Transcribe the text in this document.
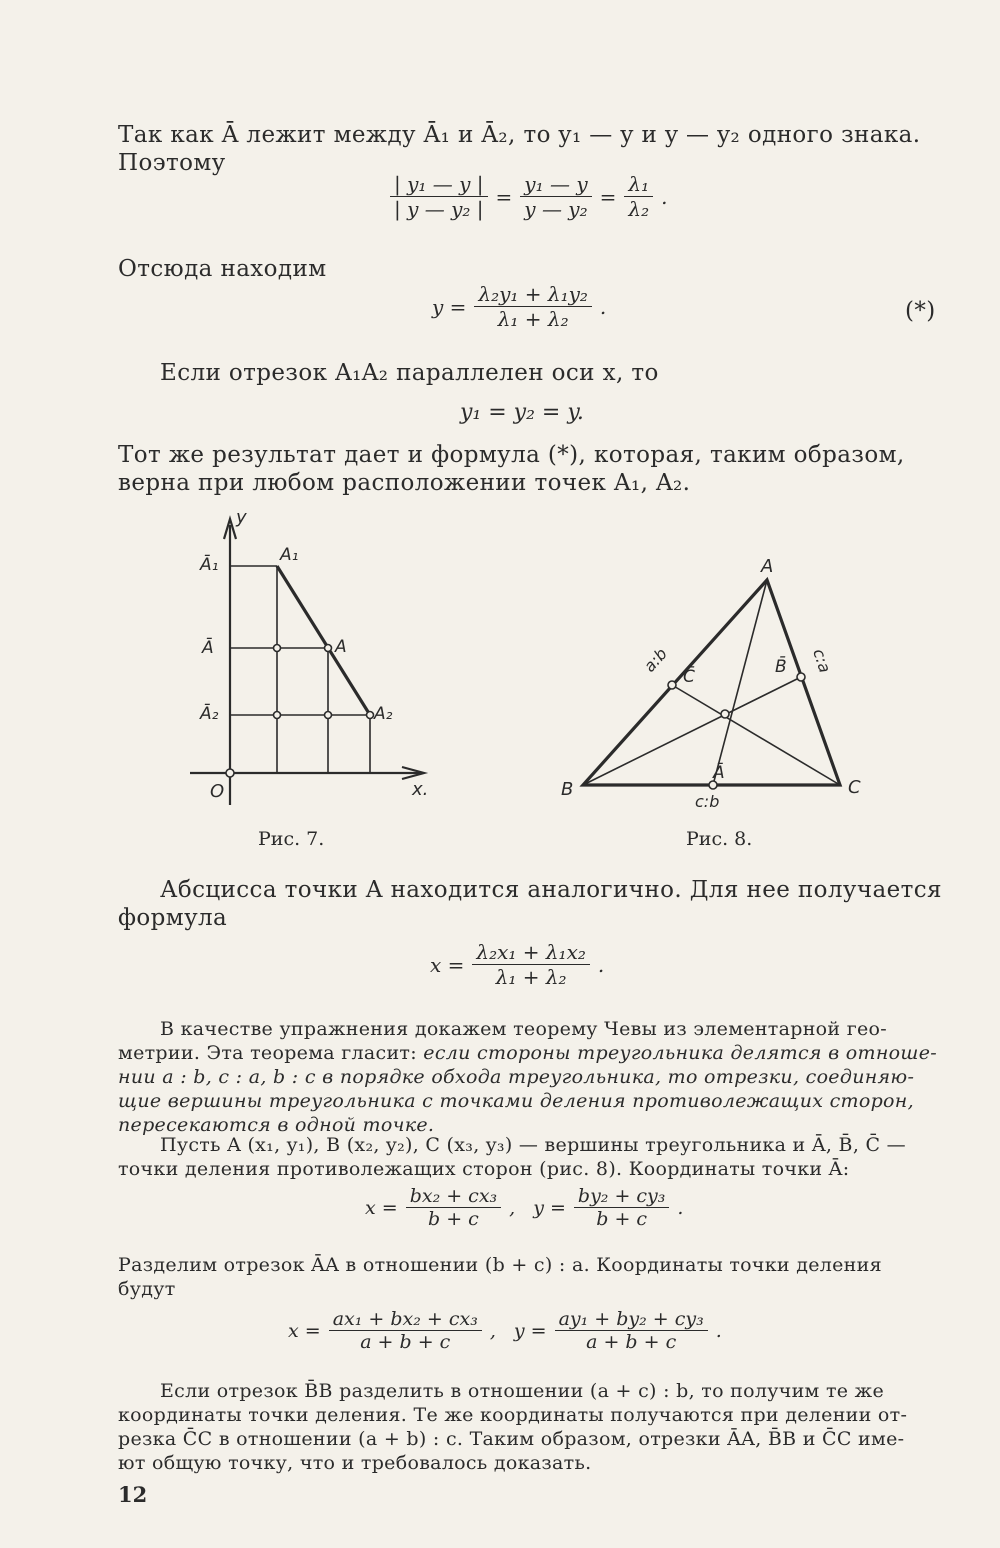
Так как Ā лежит между Ā₁ и Ā₂, то y₁ — y и y — y₂ одного знака.
Поэтому
$\frac{\text{| y₁ — y |}}{\text{| y — y₂ |}} = \frac{\text{y₁ — y}}{\text{y — y₂}} = \frac{\text{λ₁}}{\text{λ₂}}$ .
Отсюда находим
$y = \frac{\text{λ₂y₁ + λ₁y₂}}{\text{λ₁ + λ₂}}$ .	(*)
Если отрезок A₁A₂ параллелен оси x, то
y₁ = y₂ = y.
Тот же результат дает и формула (*), которая, таким образом,
верна при любом расположении точек A₁, A₂.
y
x.
O
A₁
A
A₂
Ā₁
Ā
Ā₂
Рис. 7.
A
B	C
Ā
B̄
C̄
a:b	c:a
c:b
Рис. 8.
Абсцисса точки A находится аналогично. Для нее получается
формула
$x = \frac{\text{λ₂x₁ + λ₁x₂}}{\text{λ₁ + λ₂}}$ .
В качестве упражнения докажем теорему Чевы из элементарной гео-
метрии. Эта теорема гласит: если стороны треугольника делятся в отноше-
нии a : b, c : a, b : c в порядке обхода треугольника, то отрезки, соединяю-
щие вершины треугольника с точками деления противолежащих сторон,
пересекаются в одной точке.
Пусть A (x₁, y₁), B (x₂, y₂), C (x₃, y₃) — вершины треугольника и Ā, B̄, C̄ —
точки деления противолежащих сторон (рис. 8). Координаты точки Ā:
$x = \frac{\text{bx₂ + cx₃}}{b + c}$ , $y = \frac{\text{by₂ + cy₃}}{b + c}$ .
Разделим отрезок ĀA в отношении (b + c) : a. Координаты точки деления
будут
$x = \frac{\text{ax₁ + bx₂ + cx₃}}{a + b + c}$ , $y = \frac{\text{ay₁ + by₂ + cy₃}}{a + b + c}$ .
Если отрезок B̄B разделить в отношении (a + c) : b, то получим те же
координаты точки деления. Те же координаты получаются при делении от-
резка C̄C в отношении (a + b) : c. Таким образом, отрезки ĀA, B̄B и C̄C име-
ют общую точку, что и требовалось доказать.
12
